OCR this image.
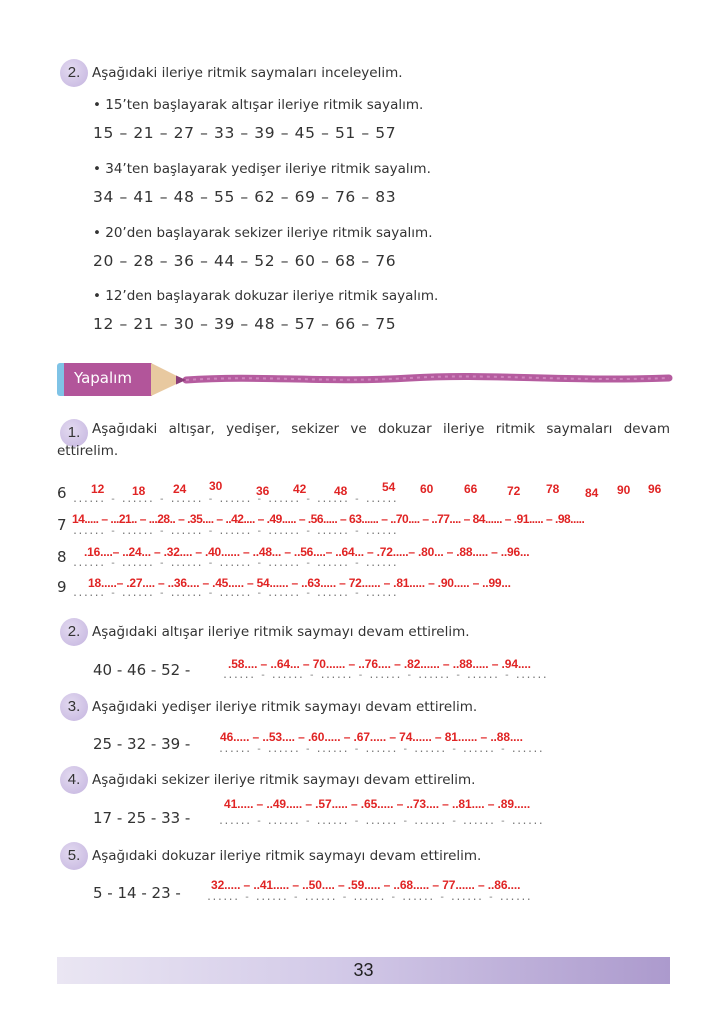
2. Aşağıdaki ileriye ritmik saymaları inceleyelim.
• 15’ten başlayarak altışar ileriye ritmik sayalım.
15 – 21 – 27 – 33 – 39 – 45 – 51 – 57
• 34’ten başlayarak yedişer ileriye ritmik sayalım.
34 – 41 – 48 – 55 – 62 – 69 – 76 – 83
• 20’den başlayarak sekizer ileriye ritmik sayalım.
20 – 28 – 36 – 44 – 52 – 60 – 68 – 76
• 12’den başlayarak dokuzar ileriye ritmik sayalım.
12 – 21 – 30 – 39 – 48 – 57 – 66 – 75
Yapalım
1. Aşağıdaki altışar, yedişer, sekizer ve dokuzar ileriye ritmik saymaları devam ettirelim.
6 ...... - ...... - ...... - ...... - ...... - ...... - ......
12 18 24 30	36 42 48	54 60	66 72 78 84 90 96
7 ...... - ...... - ...... - ...... - ...... - ...... - ......
14..... – ...21.. – ...28.. – .35.... – ..42.... – .49..... – .56..... – 63...... – ..70.... – ..77.... – 84...... – .91..... – .98.....
8 ...... - ...... - ...... - ...... - ...... - ...... - ......
.16....– ..24... – .32.... – .40...... – ..48... – ..56....– ..64... – .72.....– .80... – .88..... – ..96...
9 ...... - ...... - ...... - ...... - ...... - ...... - ......
18.....– .27.... – ..36.... – .45..... – 54...... – ..63..... – 72...... – .81..... – .90..... – ..99...
2. Aşağıdaki altışar ileriye ritmik saymayı devam ettirelim.
40 - 46 - 52 -	...... - ...... - ...... - ...... - ...... - ...... - ......
.58.... – ..64... – 70...... – ..76.... – .82...... – ..88..... – .94....
3. Aşağıdaki yedişer ileriye ritmik saymayı devam ettirelim.
25 - 32 - 39 -	...... - ...... - ...... - ...... - ...... - ...... - ......
46..... – ..53.... – .60..... – .67..... – 74...... – 81...... – ..88....
4. Aşağıdaki sekizer ileriye ritmik saymayı devam ettirelim.
41..... – ..49..... – .57..... – .65..... – ..73.... – ..81.... – .89.....
17 - 25 - 33 -	...... - ...... - ...... - ...... - ...... - ...... - ......
5. Aşağıdaki dokuzar ileriye ritmik saymayı devam ettirelim.
5 - 14 - 23 -	...... - ...... - ...... - ...... - ...... - ...... - ......
32..... – ..41..... – ..50.... – .59..... – ..68..... – 77...... – ..86....
33
